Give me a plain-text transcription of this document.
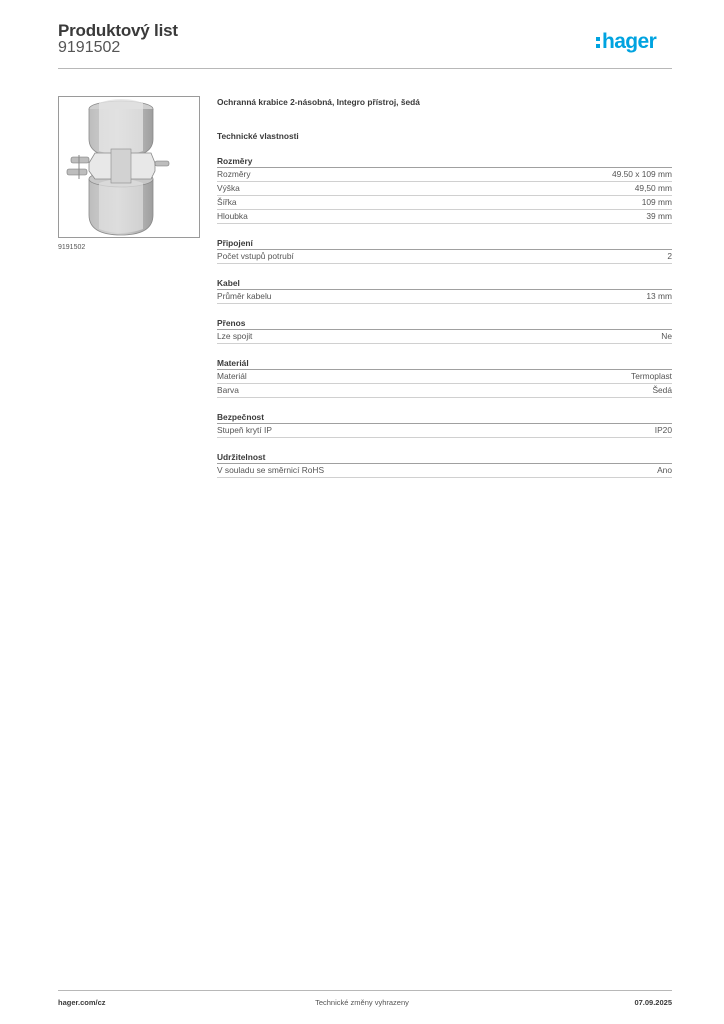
Produktový list
9191502	hager
9191502
Ochranná krabice 2-násobná, Integro přístroj, šedá
Technické vlastnosti
Rozměry
Rozměry	49.50 x 109 mm
Výška	49,50 mm
Šířka	109 mm
Hloubka	39 mm
Připojení
Počet vstupů potrubí	2
Kabel
Průměr kabelu	13 mm
Přenos
Lze spojit	Ne
Materiál
Materiál	Termoplast
Barva	Šedá
Bezpečnost
Stupeň krytí IP	IP20
Udržitelnost
V souladu se směrnicí RoHS	Ano
hager.com/cz	Technické změny vyhrazeny	07.09.2025
